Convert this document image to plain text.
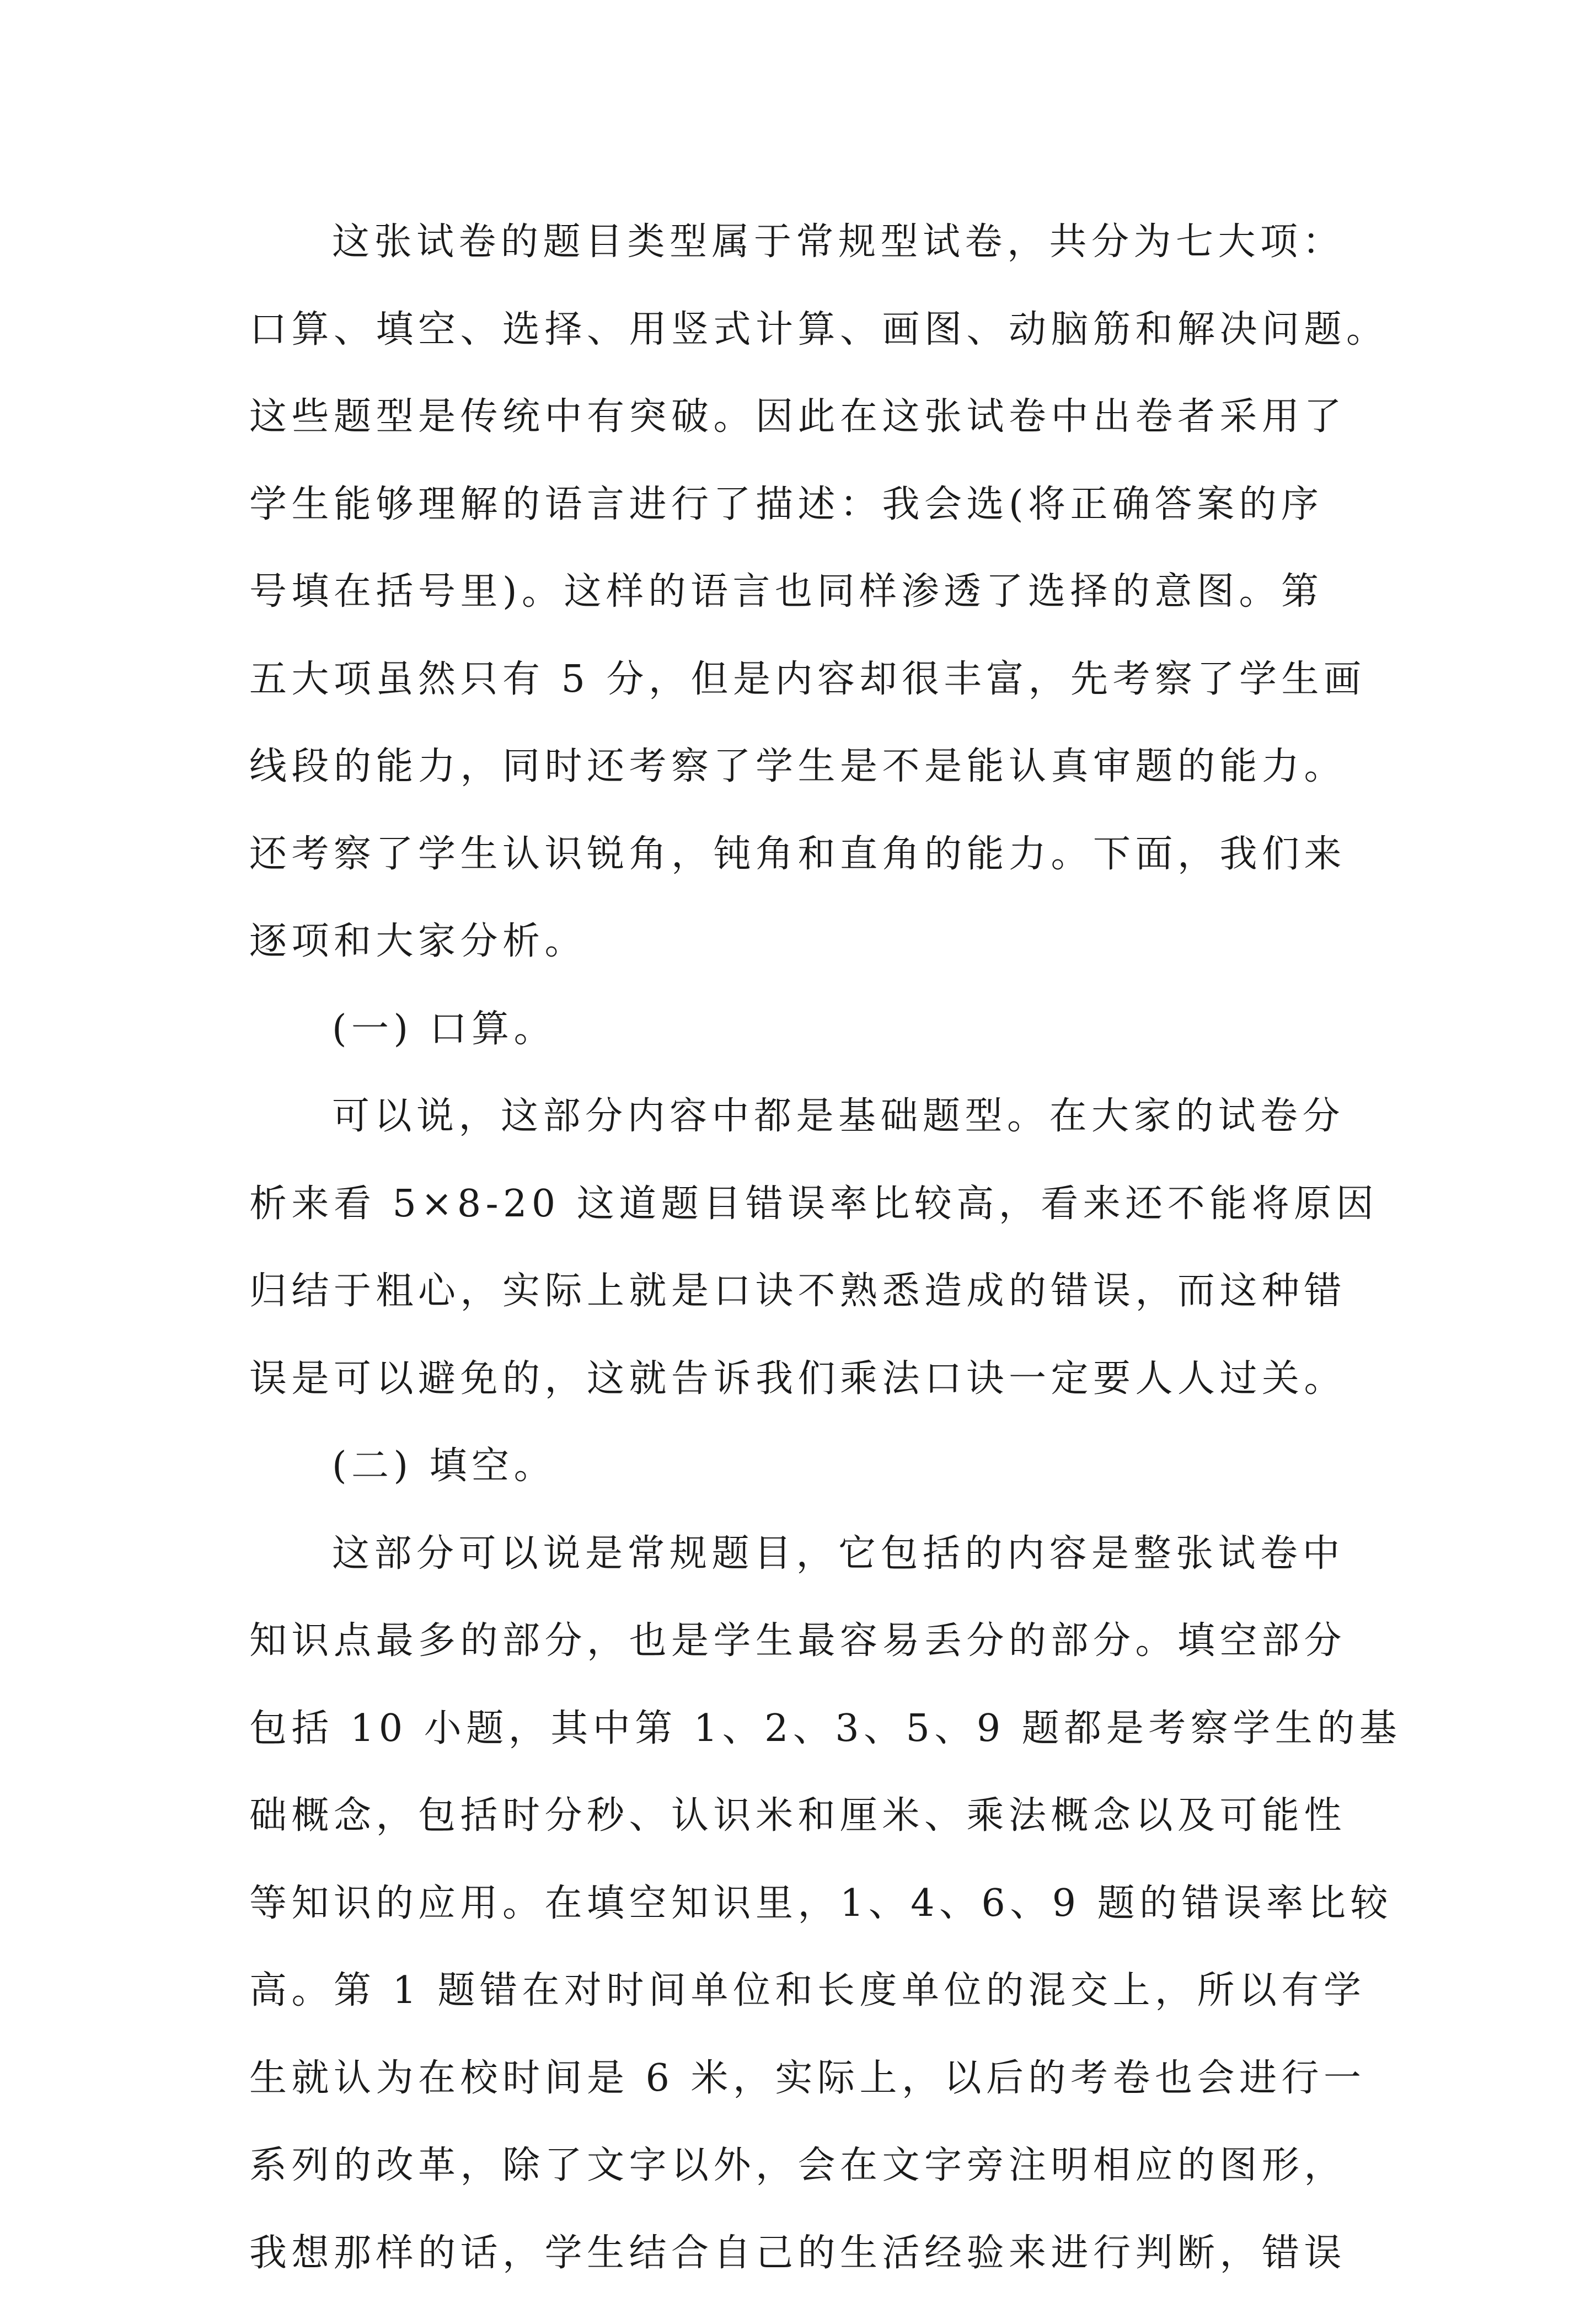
这张试卷的题目类型属于常规型试卷，共分为七大项：
口算、填空、选择、用竖式计算、画图、动脑筋和解决问题。
这些题型是传统中有突破。因此在这张试卷中出卷者采用了
学生能够理解的语言进行了描述：我会选(将正确答案的序
号填在括号里)。这样的语言也同样渗透了选择的意图。第
五大项虽然只有 5 分，但是内容却很丰富，先考察了学生画
线段的能力，同时还考察了学生是不是能认真审题的能力。
还考察了学生认识锐角，钝角和直角的能力。下面，我们来
逐项和大家分析。
(一) 口算。
可以说，这部分内容中都是基础题型。在大家的试卷分
析来看 5×8-20 这道题目错误率比较高，看来还不能将原因
归结于粗心，实际上就是口诀不熟悉造成的错误，而这种错
误是可以避免的，这就告诉我们乘法口诀一定要人人过关。
(二) 填空。
这部分可以说是常规题目，它包括的内容是整张试卷中
知识点最多的部分，也是学生最容易丢分的部分。填空部分
包括 10 小题，其中第 1、2、3、5、9 题都是考察学生的基
础概念，包括时分秒、认识米和厘米、乘法概念以及可能性
等知识的应用。在填空知识里，1、4、6、9 题的错误率比较
高。第 1 题错在对时间单位和长度单位的混交上，所以有学
生就认为在校时间是 6 米，实际上，以后的考卷也会进行一
系列的改革，除了文字以外，会在文字旁注明相应的图形，
我想那样的话，学生结合自己的生活经验来进行判断，错误
